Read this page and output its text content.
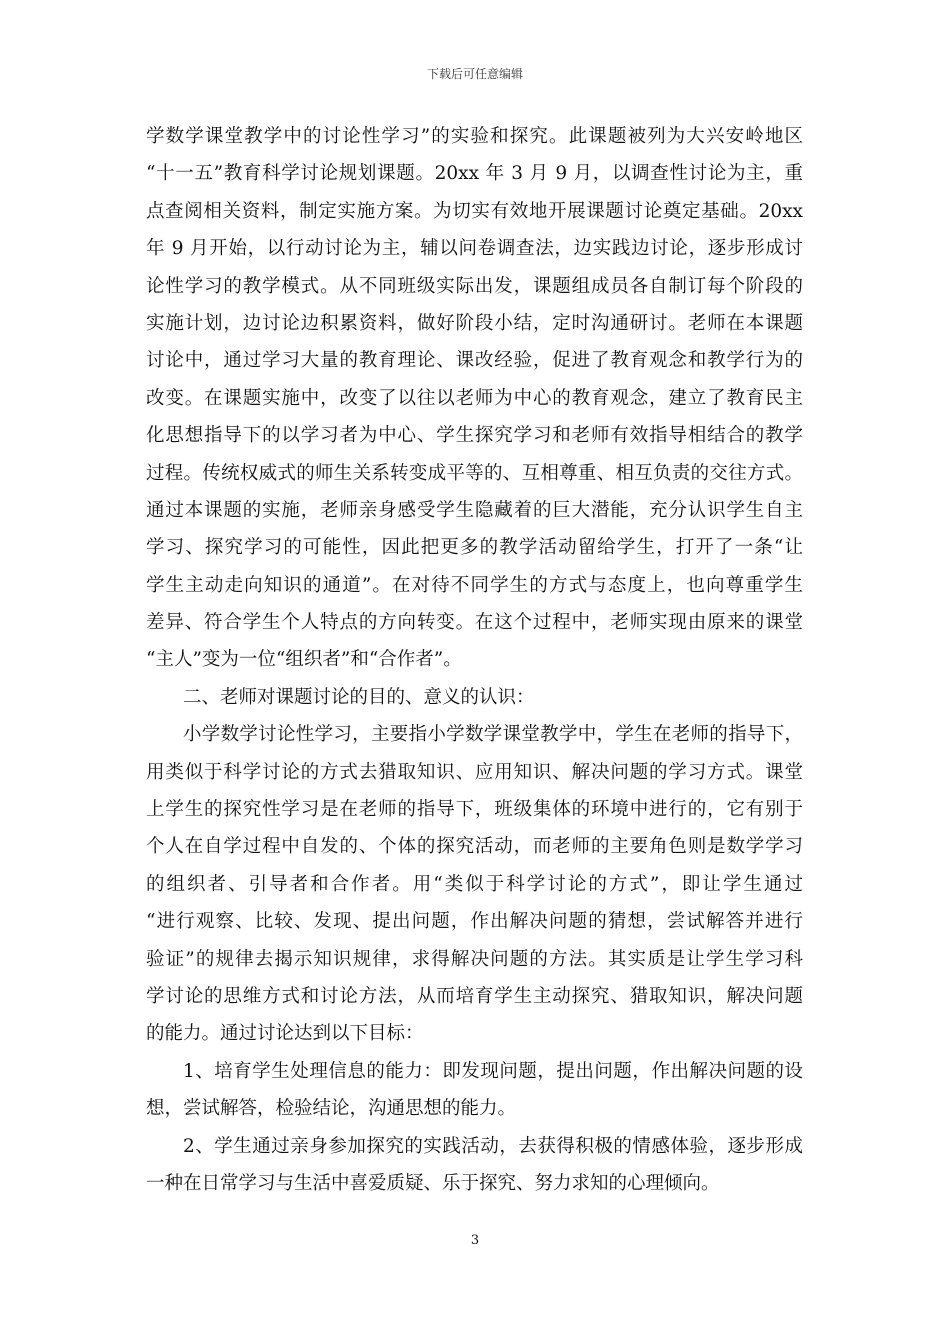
下载后可任意编辑
学数学课堂教学中的讨论性学习”的实验和探究。此课题被列为大兴安岭地区
“十一五”教育科学讨论规划课题。20xx 年 3 月 9 月，以调查性讨论为主，重
点查阅相关资料，制定实施方案。为切实有效地开展课题讨论奠定基础。20xx
年 9 月开始，以行动讨论为主，辅以问卷调查法，边实践边讨论，逐步形成讨
论性学习的教学模式。从不同班级实际出发，课题组成员各自制订每个阶段的
实施计划，边讨论边积累资料，做好阶段小结，定时沟通研讨。老师在本课题
讨论中，通过学习大量的教育理论、课改经验，促进了教育观念和教学行为的
改变。在课题实施中，改变了以往以老师为中心的教育观念，建立了教育民主
化思想指导下的以学习者为中心、学生探究学习和老师有效指导相结合的教学
过程。传统权威式的师生关系转变成平等的、互相尊重、相互负责的交往方式。
通过本课题的实施，老师亲身感受学生隐藏着的巨大潜能，充分认识学生自主
学习、探究学习的可能性，因此把更多的教学活动留给学生，打开了一条“让
学生主动走向知识的通道”。在对待不同学生的方式与态度上，也向尊重学生
差异、符合学生个人特点的方向转变。在这个过程中，老师实现由原来的课堂
“主人”变为一位“组织者”和“合作者”。
二、老师对课题讨论的目的、意义的认识：
小学数学讨论性学习，主要指小学数学课堂教学中，学生在老师的指导下，
用类似于科学讨论的方式去猎取知识、应用知识、解决问题的学习方式。课堂
上学生的探究性学习是在老师的指导下，班级集体的环境中进行的，它有别于
个人在自学过程中自发的、个体的探究活动，而老师的主要角色则是数学学习
的组织者、引导者和合作者。用“类似于科学讨论的方式”，即让学生通过
“进行观察、比较、发现、提出问题，作出解决问题的猜想，尝试解答并进行
验证”的规律去揭示知识规律，求得解决问题的方法。其实质是让学生学习科
学讨论的思维方式和讨论方法，从而培育学生主动探究、猎取知识，解决问题
的能力。通过讨论达到以下目标：
1、培育学生处理信息的能力：即发现问题，提出问题，作出解决问题的设
想，尝试解答，检验结论，沟通思想的能力。
2、学生通过亲身参加探究的实践活动，去获得积极的情感体验，逐步形成
一种在日常学习与生活中喜爱质疑、乐于探究、努力求知的心理倾向。
3
